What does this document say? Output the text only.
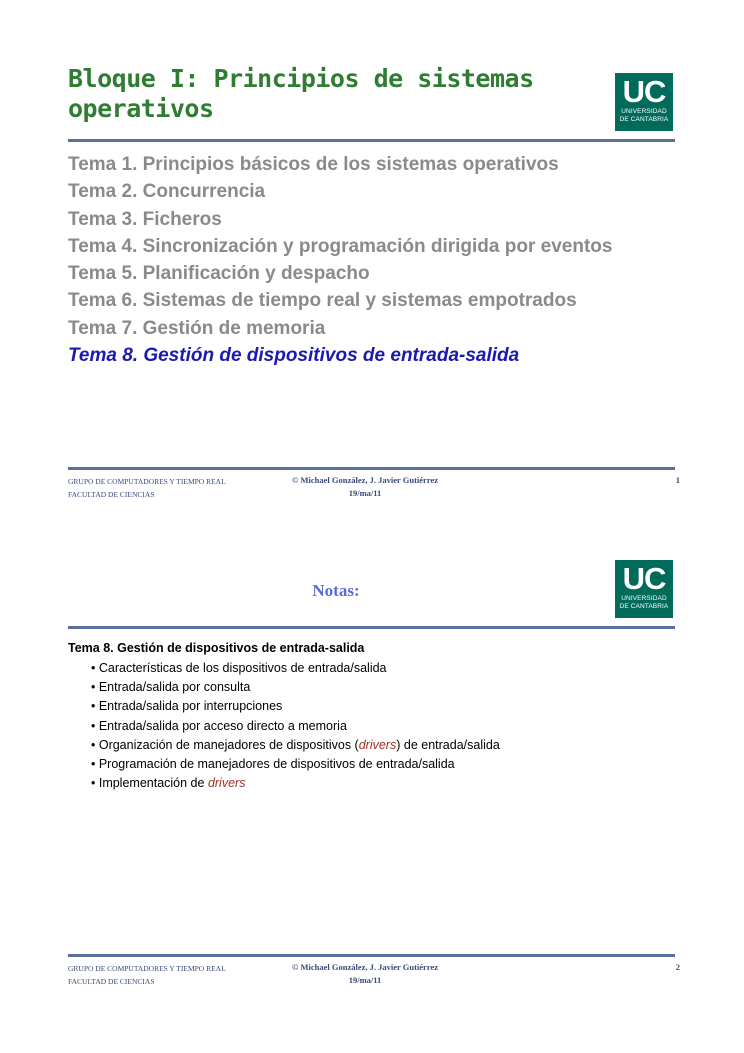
Bloque I: Principios de sistemas operativos	UC
UNIVERSIDAD
DE CANTABRIA
Tema 1. Principios básicos de los sistemas operativos
Tema 2. Concurrencia
Tema 3. Ficheros
Tema 4. Sincronización y programación dirigida por eventos
Tema 5. Planificación y despacho
Tema 6. Sistemas de tiempo real y sistemas empotrados
Tema 7. Gestión de memoria
Tema 8. Gestión de dispositivos de entrada-salida
GRUPO DE COMPUTADORES Y TIEMPO REAL
FACULTAD DE CIENCIAS
© Michael González, J. Javier Gutiérrez
19/ma/11
1
Notas:	UC
UNIVERSIDAD
DE CANTABRIA
Tema 8. Gestión de dispositivos de entrada-salida
• Características de los dispositivos de entrada/salida
• Entrada/salida por consulta
• Entrada/salida por interrupciones
• Entrada/salida por acceso directo a memoria
• Organización de manejadores de dispositivos (drivers) de entrada/salida
• Programación de manejadores de dispositivos de entrada/salida
• Implementación de drivers
GRUPO DE COMPUTADORES Y TIEMPO REAL
FACULTAD DE CIENCIAS
© Michael González, J. Javier Gutiérrez
19/ma/11
2
